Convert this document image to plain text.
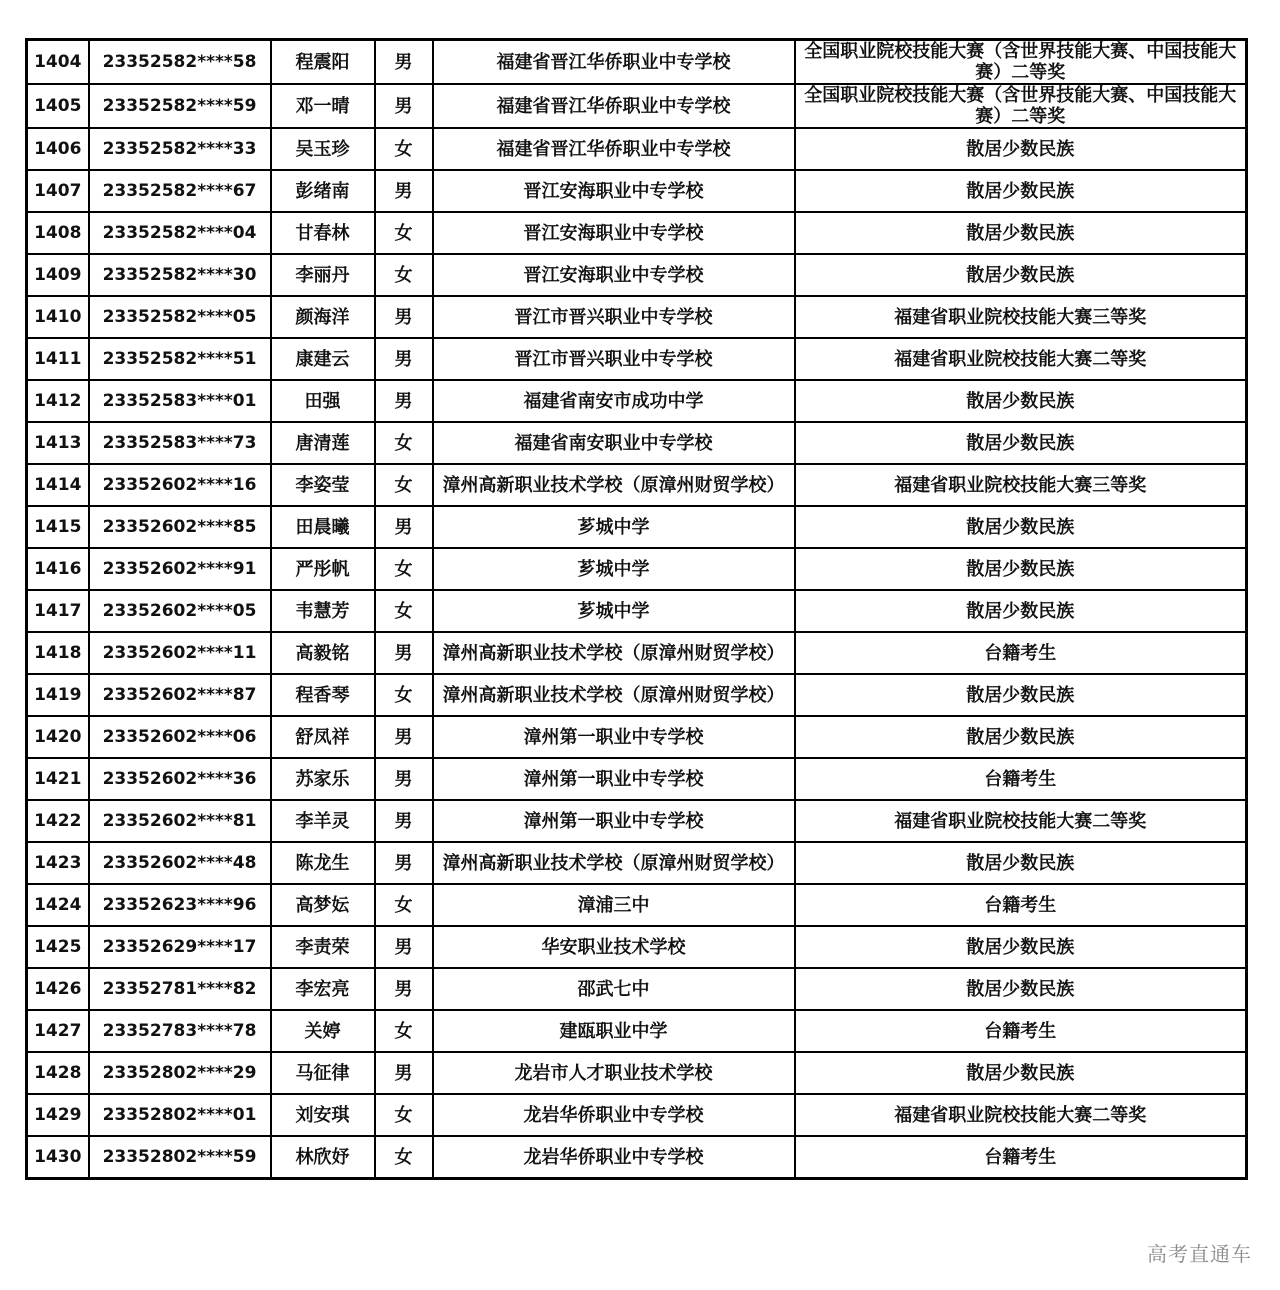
1404	23352582****58	程震阳	男	福建省晋江华侨职业中专学校	全国职业院校技能大赛（含世界技能大赛、中国技能大赛）二等奖
1405	23352582****59	邓一晴	男	福建省晋江华侨职业中专学校	全国职业院校技能大赛（含世界技能大赛、中国技能大赛）二等奖
1406	23352582****33	吴玉珍	女	福建省晋江华侨职业中专学校	散居少数民族
1407	23352582****67	彭绪南	男	晋江安海职业中专学校	散居少数民族
1408	23352582****04	甘春林	女	晋江安海职业中专学校	散居少数民族
1409	23352582****30	李丽丹	女	晋江安海职业中专学校	散居少数民族
1410	23352582****05	颜海洋	男	晋江市晋兴职业中专学校	福建省职业院校技能大赛三等奖
1411	23352582****51	康建云	男	晋江市晋兴职业中专学校	福建省职业院校技能大赛二等奖
1412	23352583****01	田强	男	福建省南安市成功中学	散居少数民族
1413	23352583****73	唐清莲	女	福建省南安职业中专学校	散居少数民族
1414	23352602****16	李姿莹	女	漳州高新职业技术学校（原漳州财贸学校）	福建省职业院校技能大赛三等奖
1415	23352602****85	田晨曦	男	芗城中学	散居少数民族
1416	23352602****91	严彤帆	女	芗城中学	散居少数民族
1417	23352602****05	韦慧芳	女	芗城中学	散居少数民族
1418	23352602****11	高毅铭	男	漳州高新职业技术学校（原漳州财贸学校）	台籍考生
1419	23352602****87	程香琴	女	漳州高新职业技术学校（原漳州财贸学校）	散居少数民族
1420	23352602****06	舒凤祥	男	漳州第一职业中专学校	散居少数民族
1421	23352602****36	苏家乐	男	漳州第一职业中专学校	台籍考生
1422	23352602****81	李羊灵	男	漳州第一职业中专学校	福建省职业院校技能大赛二等奖
1423	23352602****48	陈龙生	男	漳州高新职业技术学校（原漳州财贸学校）	散居少数民族
1424	23352623****96	高梦妘	女	漳浦三中	台籍考生
1425	23352629****17	李责荣	男	华安职业技术学校	散居少数民族
1426	23352781****82	李宏亮	男	邵武七中	散居少数民族
1427	23352783****78	关婷	女	建瓯职业中学	台籍考生
1428	23352802****29	马征律	男	龙岩市人才职业技术学校	散居少数民族
1429	23352802****01	刘安琪	女	龙岩华侨职业中专学校	福建省职业院校技能大赛二等奖
1430	23352802****59	林欣妤	女	龙岩华侨职业中专学校	台籍考生
高考直通车
